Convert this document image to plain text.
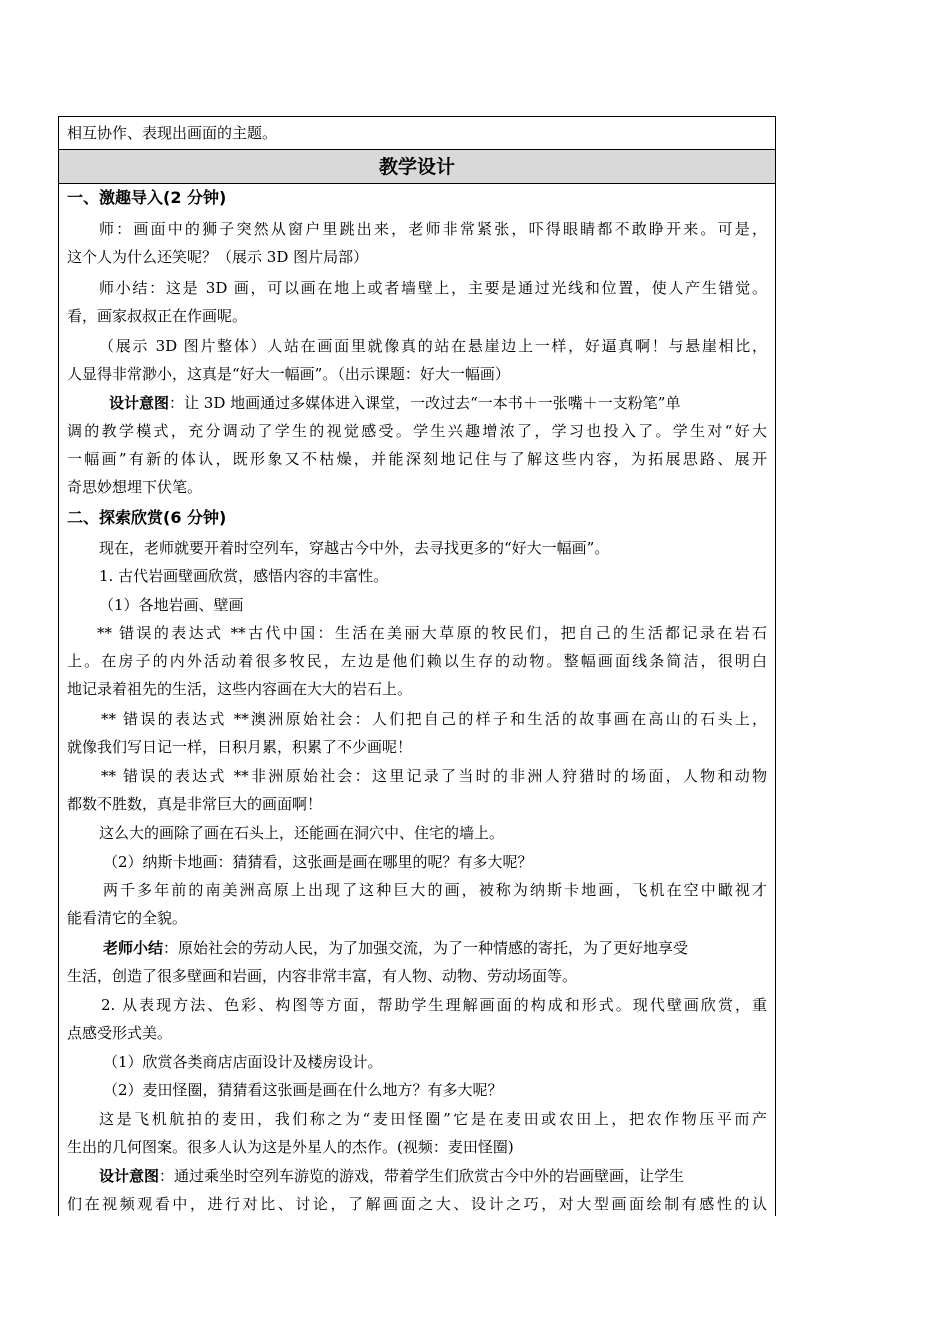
相互协作、表现出画面的主题。
教学设计
一、激趣导入(2 分钟)
师：画面中的狮子突然从窗户里跳出来，老师非常紧张，吓得眼睛都不敢睁开来。可是，
这个人为什么还笑呢？（展示 3D 图片局部）
师小结：这是 3D 画，可以画在地上或者墙壁上，主要是通过光线和位置，使人产生错觉。
看，画家叔叔正在作画呢。
（展示 3D 图片整体）人站在画面里就像真的站在悬崖边上一样，好逼真啊！与悬崖相比，
人显得非常渺小，这真是“好大一幅画”。（出示课题：好大一幅画）
设计意图：让 3D 地画通过多媒体进入课堂，一改过去“一本书＋一张嘴＋一支粉笔”单
调的教学模式，充分调动了学生的视觉感受。学生兴趣增浓了，学习也投入了。学生对“好大
一幅画”有新的体认，既形象又不枯燥，并能深刻地记住与了解这些内容，为拓展思路、展开
奇思妙想埋下伏笔。
二、探索欣赏(6 分钟)
现在，老师就要开着时空列车，穿越古今中外，去寻找更多的“好大一幅画”。
1. 古代岩画壁画欣赏，感悟内容的丰富性。
（1）各地岩画、壁画
** 错误的表达式 **古代中国：生活在美丽大草原的牧民们，把自己的生活都记录在岩石
上。在房子的内外活动着很多牧民，左边是他们赖以生存的动物。整幅画面线条简洁，很明白
地记录着祖先的生活，这些内容画在大大的岩石上。
** 错误的表达式 **澳洲原始社会：人们把自己的样子和生活的故事画在高山的石头上，
就像我们写日记一样，日积月累，积累了不少画呢！
** 错误的表达式 **非洲原始社会：这里记录了当时的非洲人狩猎时的场面，人物和动物
都数不胜数，真是非常巨大的画面啊！
这么大的画除了画在石头上，还能画在洞穴中、住宅的墙上。
（2）纳斯卡地画：猜猜看，这张画是画在哪里的呢？有多大呢？
两千多年前的南美洲高原上出现了这种巨大的画，被称为纳斯卡地画，飞机在空中瞰视才
能看清它的全貌。
老师小结：原始社会的劳动人民，为了加强交流，为了一种情感的寄托，为了更好地享受
生活，创造了很多壁画和岩画，内容非常丰富，有人物、动物、劳动场面等。
2. 从表现方法、色彩、构图等方面，帮助学生理解画面的构成和形式。现代壁画欣赏，重
点感受形式美。
（1）欣赏各类商店店面设计及楼房设计。
（2）麦田怪圈，猜猜看这张画是画在什么地方？有多大呢？
这是飞机航拍的麦田，我们称之为“麦田怪圈”它是在麦田或农田上，把农作物压平而产
生出的几何图案。很多人认为这是外星人的杰作。(视频：麦田怪圈)
设计意图：通过乘坐时空列车游览的游戏，带着学生们欣赏古今中外的岩画壁画，让学生
们在视频观看中，进行对比、讨论，了解画面之大、设计之巧，对大型画面绘制有感性的认
